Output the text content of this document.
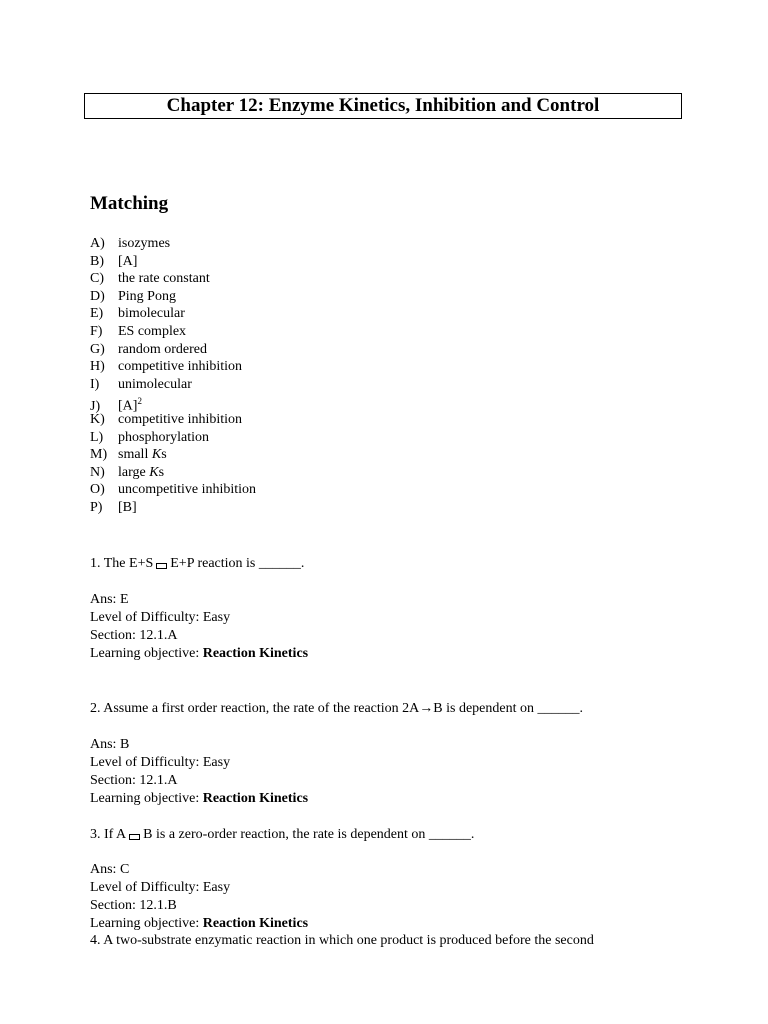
Chapter 12: Enzyme Kinetics, Inhibition and Control
Matching
A) isozymes
B) [A]
C) the rate constant
D) Ping Pong
E) bimolecular
F) ES complex
G) random ordered
H) competitive inhibition
I) unimolecular
J) $[A]^2$
K) competitive inhibition
L) phosphorylation
M) small Ks
N) large Ks
O) uncompetitive inhibition
P) [B]
1. The E+S E+P reaction is ______.
Ans: E
Level of Difficulty: Easy
Section: 12.1.A
Learning objective: Reaction Kinetics
2. Assume a first order reaction, the rate of the reaction 2A→B is dependent on ______.
Ans: B
Level of Difficulty: Easy
Section: 12.1.A
Learning objective: Reaction Kinetics
3. If A B is a zero-order reaction, the rate is dependent on ______.
Ans: C
Level of Difficulty: Easy
Section: 12.1.B
Learning objective: Reaction Kinetics
4. A two-substrate enzymatic reaction in which one product is produced before the second
